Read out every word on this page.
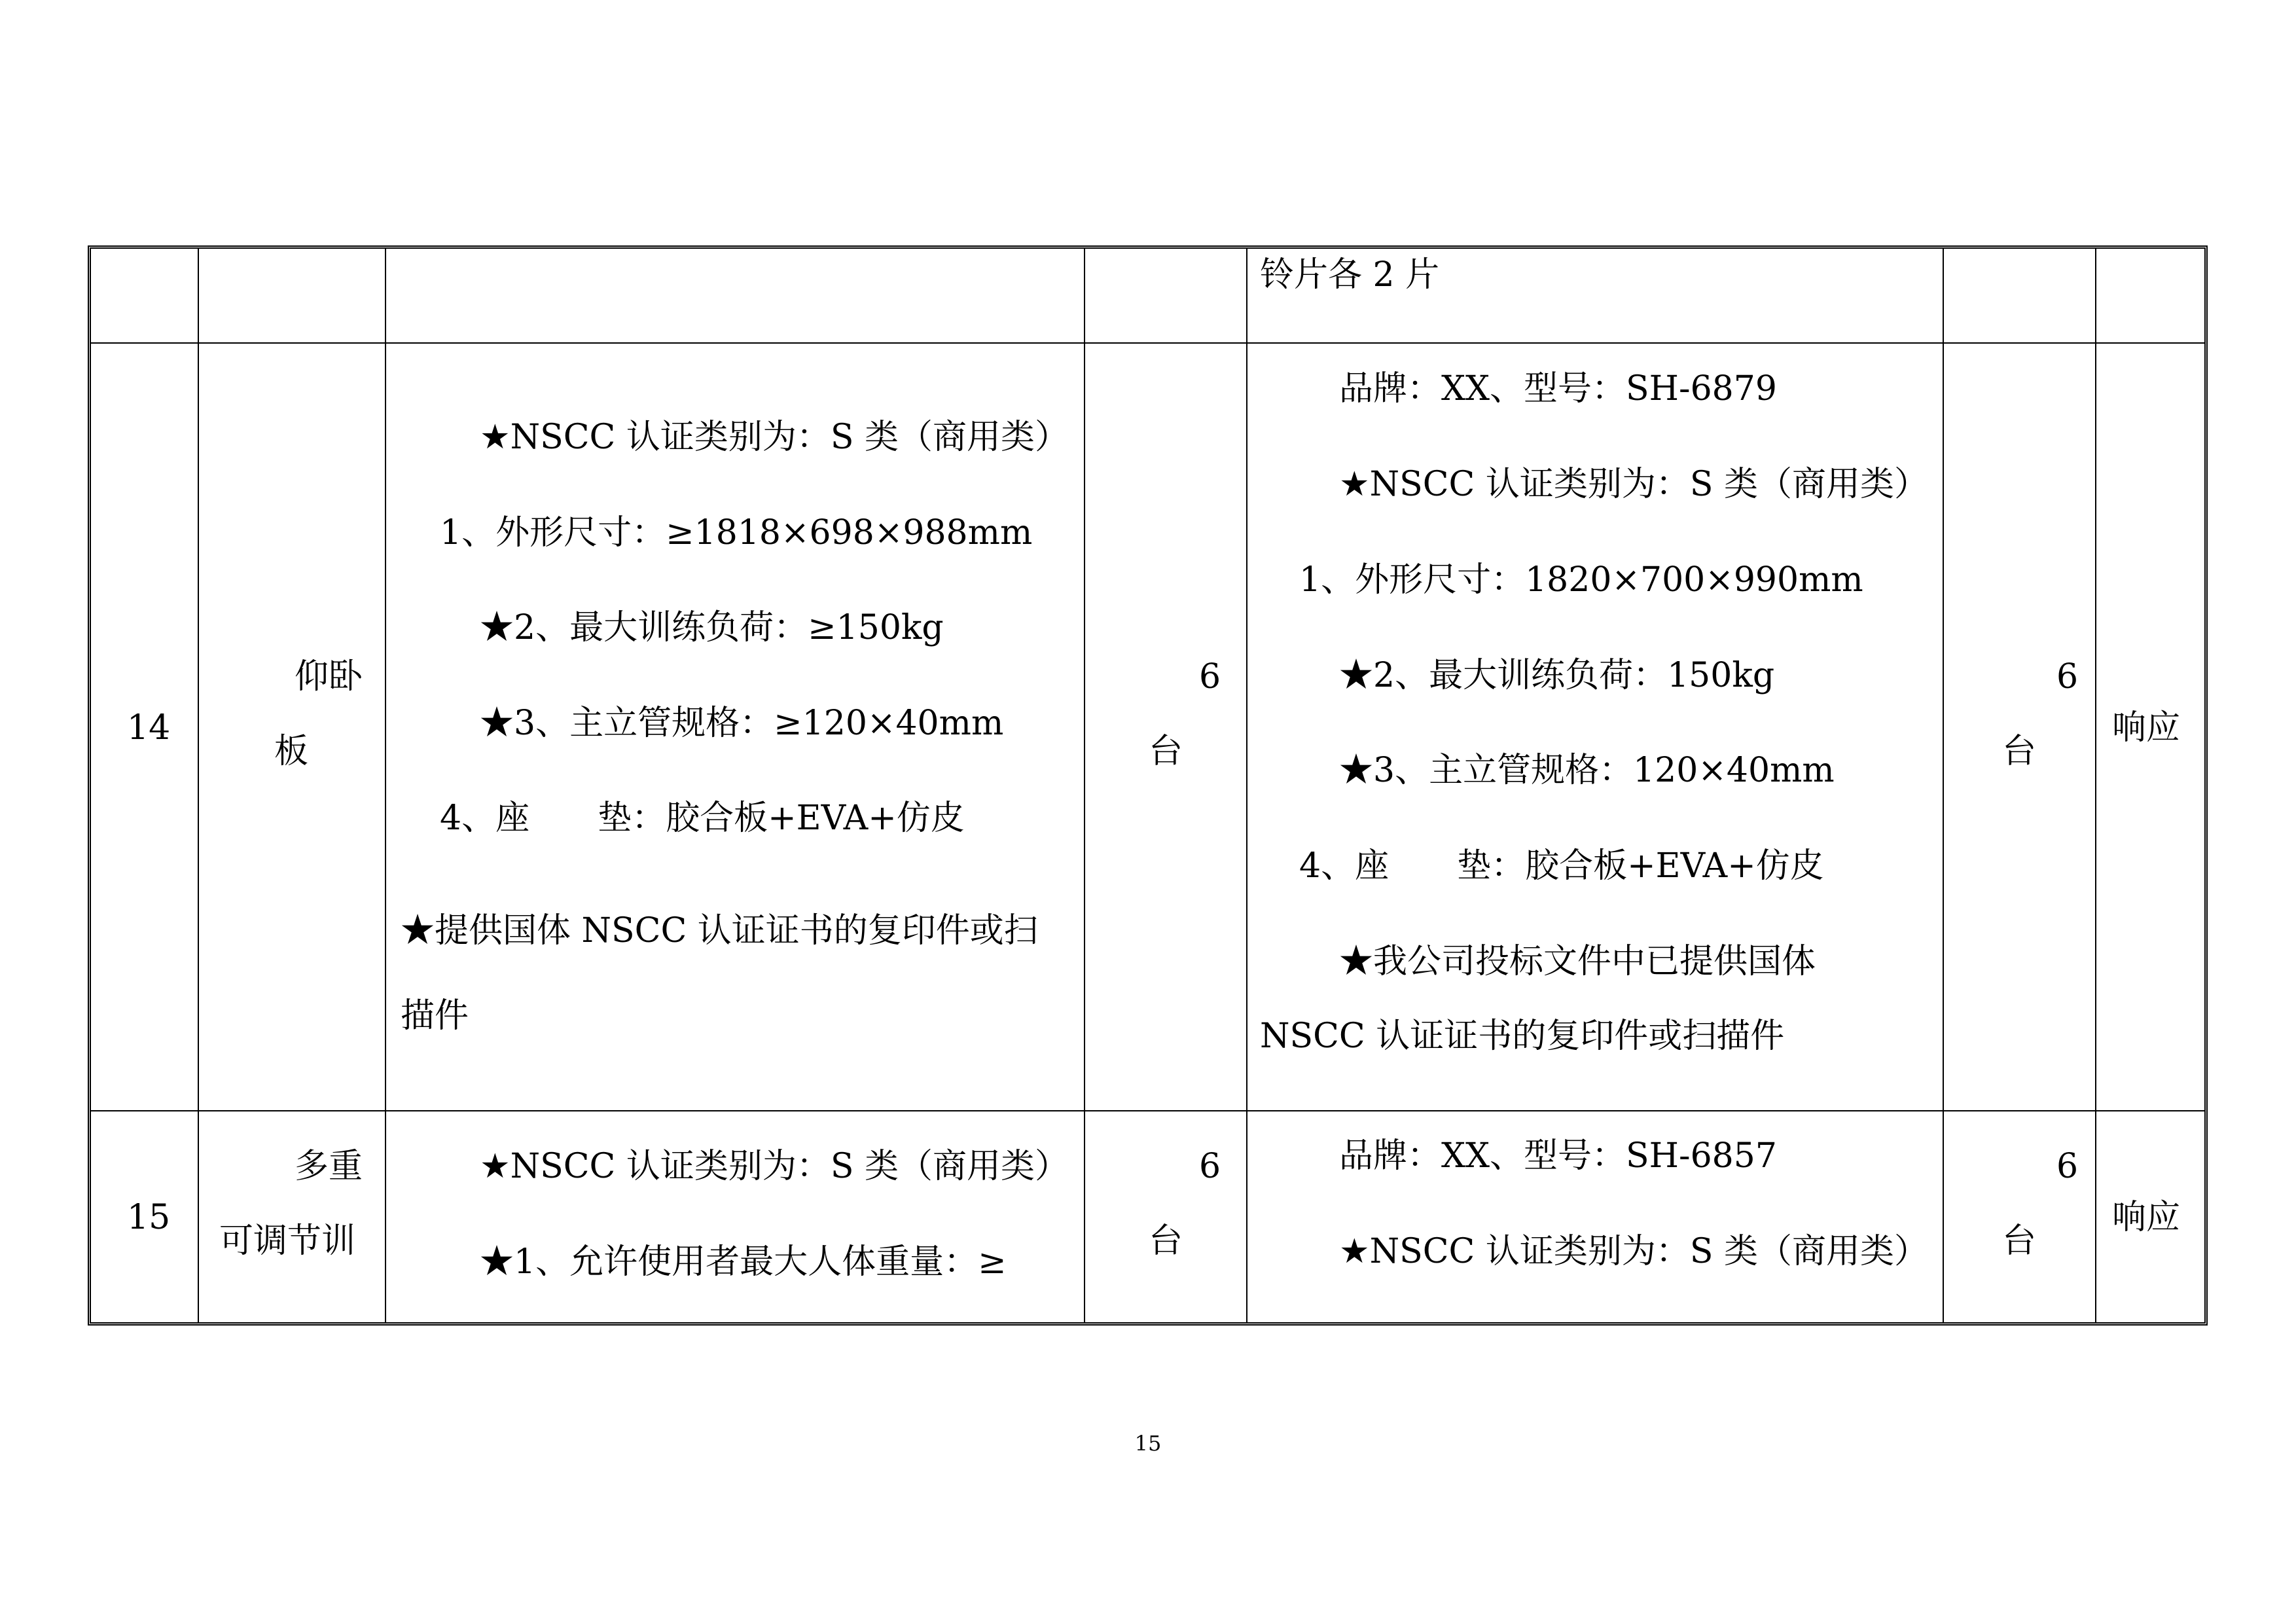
铃片各 2 片
14
仰卧
板
★NSCC 认证类别为：S 类（商用类）
1、外形尺寸：≥1818×698×988mm
★2、最大训练负荷：≥150kg
★3、主立管规格：≥120×40mm
4、座　　垫：胶合板+EVA+仿皮
★提供国体 NSCC 认证证书的复印件或扫
描件
6
台
品牌：XX、型号：SH-6879
★NSCC 认证类别为：S 类（商用类）
1、外形尺寸：1820×700×990mm
★2、最大训练负荷：150kg
★3、主立管规格：120×40mm
4、座　　垫：胶合板+EVA+仿皮
★我公司投标文件中已提供国体
NSCC 认证证书的复印件或扫描件
6
台
响应
15
多重
可调节训
★NSCC 认证类别为：S 类（商用类）
★1、允许使用者最大人体重量：≥
6
台
品牌：XX、型号：SH-6857
★NSCC 认证类别为：S 类（商用类）
6
台
响应
15
